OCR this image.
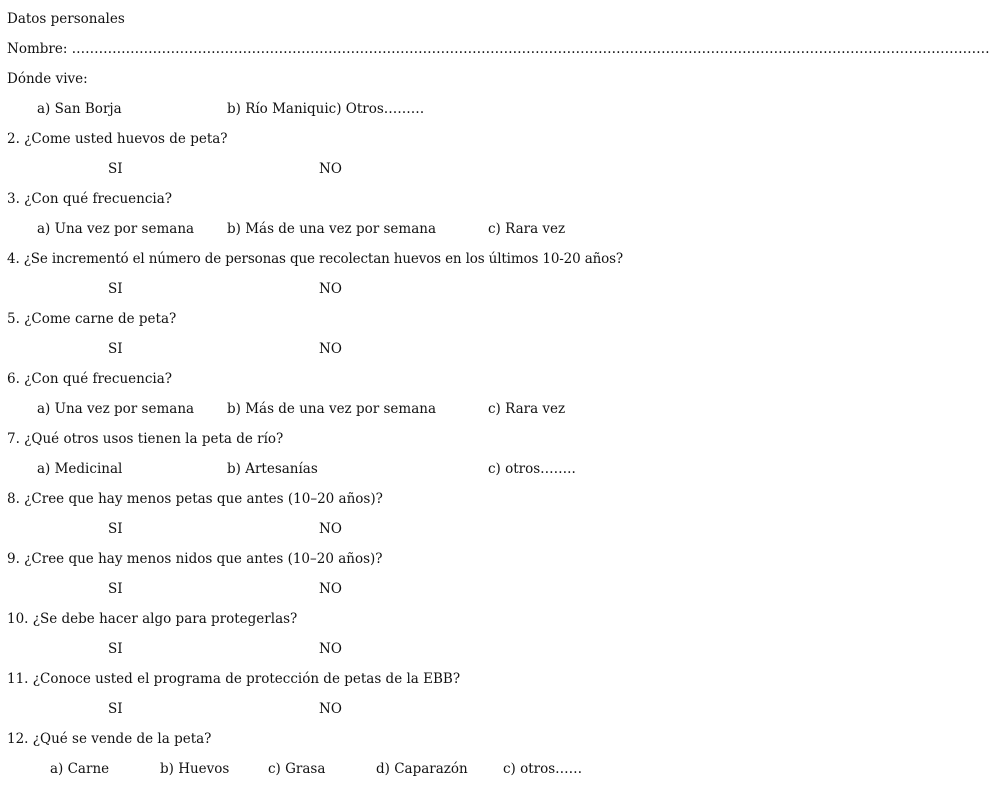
Datos personales
Nombre: ……………………………………………………………………………………………………………………………………………………………………………………
Dónde vive:
a) San Borja	b) Río Maniquic) Otros………
2. ¿Come usted huevos de peta?
SI	NO
3. ¿Con qué frecuencia?
a) Una vez por semana b) Más de una vez por semana	c) Rara vez
4. ¿Se incrementó el número de personas que recolectan huevos en los últimos 10-20 años?
SI	NO
5. ¿Come carne de peta?
SI	NO
6. ¿Con qué frecuencia?
a) Una vez por semana b) Más de una vez por semana	c) Rara vez
7. ¿Qué otros usos tienen la peta de río?
a) Medicinal	b) Artesanías	c) otros……..
8. ¿Cree que hay menos petas que antes (10–20 años)?
SI	NO
9. ¿Cree que hay menos nidos que antes (10–20 años)?
SI	NO
10. ¿Se debe hacer algo para protegerlas?
SI	NO
11. ¿Conoce usted el programa de protección de petas de la EBB?
SI	NO
12. ¿Qué se vende de la peta?
a) Carne	b) Huevos	c) Grasa	d) Caparazón	c) otros……
